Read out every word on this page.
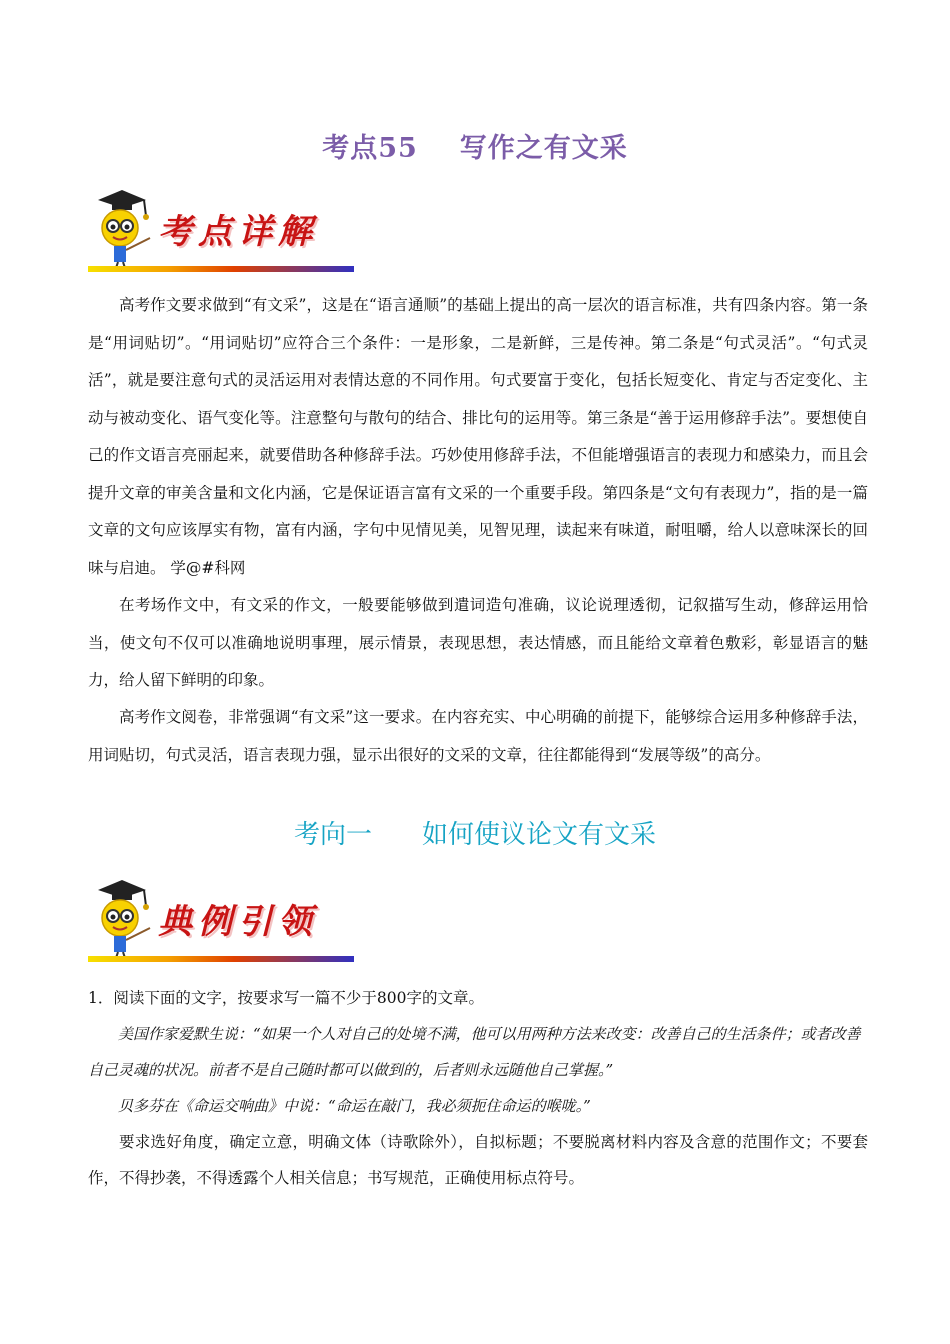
考点55 写作之有文采
考点详解

高考作文要求做到“有文采”，这是在“语言通顺”的基础上提出的高一层次的语言标准，共有四条内容。第一条是“用词贴切”。“用词贴切”应符合三个条件：一是形象，二是新鲜，三是传神。第二条是“句式灵活”。“句式灵活”，就是要注意句式的灵活运用对表情达意的不同作用。句式要富于变化，包括长短变化、肯定与否定变化、主动与被动变化、语气变化等。注意整句与散句的结合、排比句的运用等。第三条是“善于运用修辞手法”。要想使自己的作文语言亮丽起来，就要借助各种修辞手法。巧妙使用修辞手法，不但能增强语言的表现力和感染力，而且会提升文章的审美含量和文化内涵，它是保证语言富有文采的一个重要手段。第四条是“文句有表现力”，指的是一篇文章的文句应该厚实有物，富有内涵，字句中见情见美，见智见理，读起来有味道，耐咀嚼，给人以意味深长的回味与启迪。 学@#科网

在考场作文中，有文采的作文，一般要能够做到遣词造句准确，议论说理透彻，记叙描写生动，修辞运用恰当，使文句不仅可以准确地说明事理，展示情景，表现思想，表达情感，而且能给文章着色敷彩，彰显语言的魅力，给人留下鲜明的印象。

高考作文阅卷，非常强调“有文采”这一要求。在内容充实、中心明确的前提下，能够综合运用多种修辞手法，用词贴切，句式灵活，语言表现力强，显示出很好的文采的文章，往往都能得到“发展等级”的高分。

考向一 如何使议论文有文采
典例引领

1．阅读下面的文字，按要求写一篇不少于800字的文章。

美国作家爱默生说：“如果一个人对自己的处境不满，他可以用两种方法来改变：改善自己的生活条件；或者改善自己灵魂的状况。前者不是自己随时都可以做到的，后者则永远随他自己掌握。”

贝多芬在《命运交响曲》中说：“命运在敲门，我必须扼住命运的喉咙。”

要求选好角度，确定立意，明确文体（诗歌除外），自拟标题；不要脱离材料内容及含意的范围作文；不要套作，不得抄袭，不得透露个人相关信息；书写规范，正确使用标点符号。
